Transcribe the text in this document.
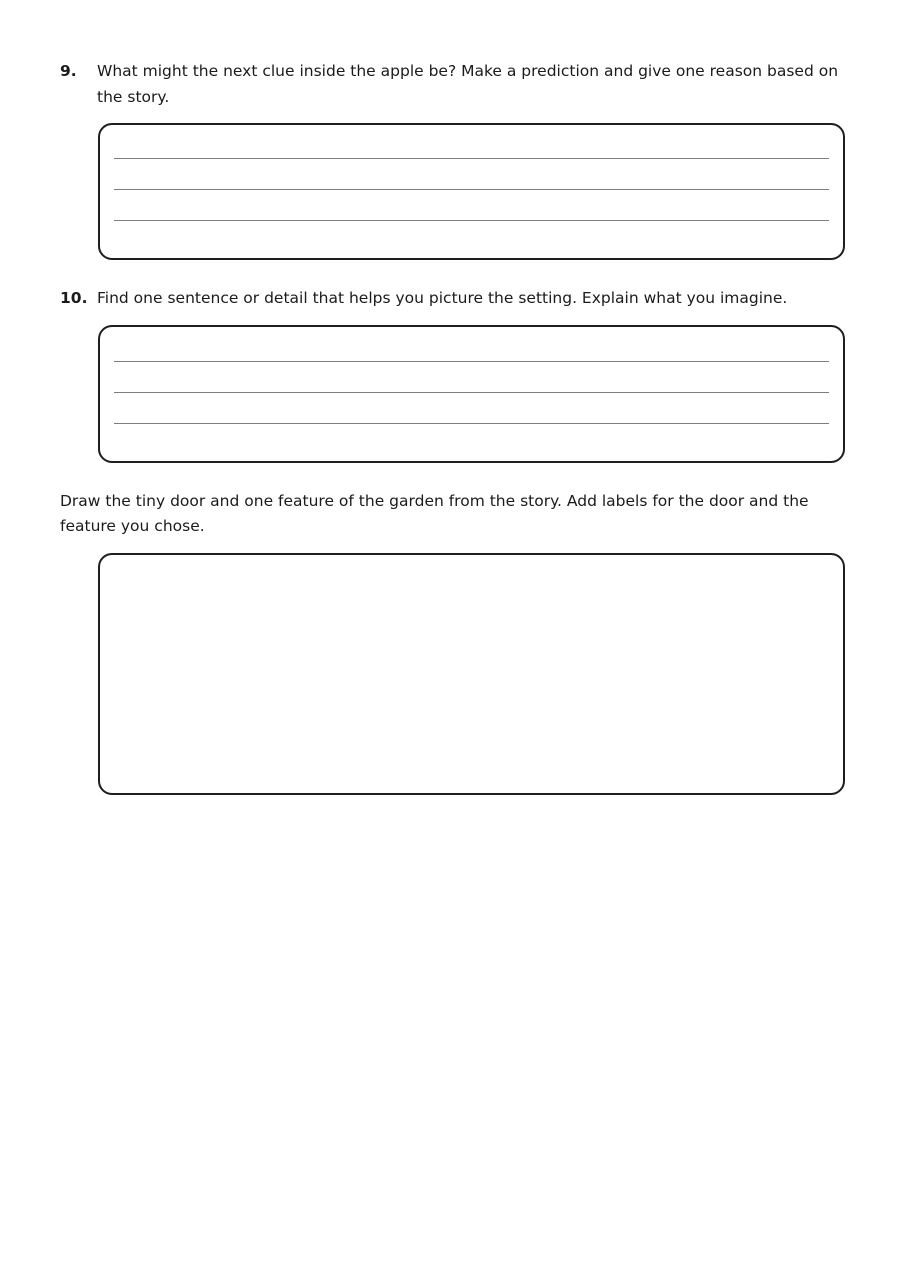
9.	What might the next clue inside the apple be? Make a prediction and give one reason based on the story.
10. Find one sentence or detail that helps you picture the setting. Explain what you imagine.
Draw the tiny door and one feature of the garden from the story. Add labels for the door and the feature you chose.
